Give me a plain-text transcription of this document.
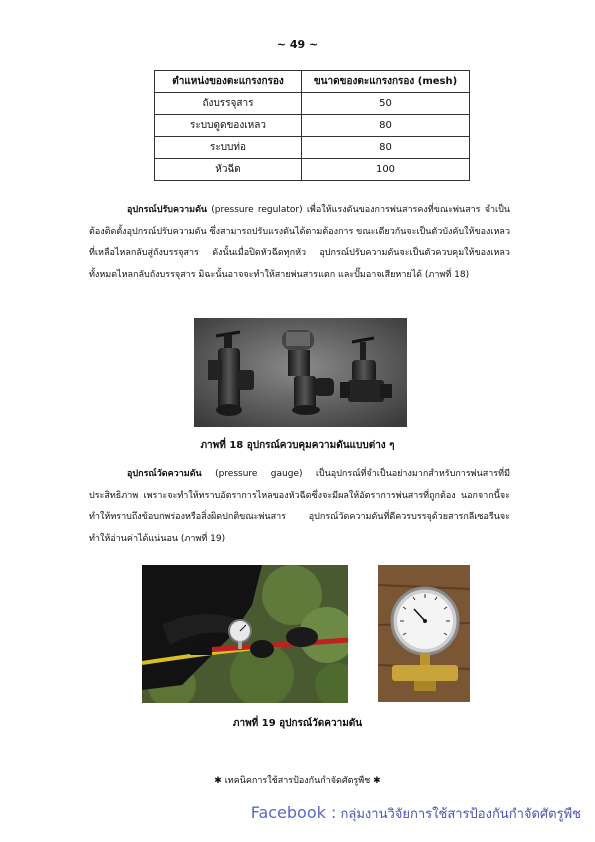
~ 49 ~
ตำแหน่งของตะแกรงกรอง	ขนาดของตะแกรงกรอง (mesh)
ถังบรรจุสาร	50
ระบบดูดของเหลว	80
ระบบท่อ	80
หัวฉีด	100
อุปกรณ์ปรับความดัน (pressure regulator) เพื่อให้แรงดันของการพ่นสารคงที่ขณะพ่นสาร จำเป็นต้องติดตั้งอุปกรณ์ปรับความดัน ซึ่งสามารถปรับแรงดันได้ตามต้องการ ขณะเดียวกันจะเป็นตัวบังคับให้ของเหลวที่เหลือไหลกลับสู่ถังบรรจุสาร ดังนั้นเมื่อปิดหัวฉีดทุกหัว อุปกรณ์ปรับความดันจะเป็นตัวควบคุมให้ของเหลวทั้งหมดไหลกลับถังบรรจุสาร มิฉะนั้นอาจจะทำให้สายพ่นสารแตก และปั๊มอาจเสียหายได้ (ภาพที่ 18)
ภาพที่ 18 อุปกรณ์ควบคุมความดันแบบต่าง ๆ
อุปกรณ์วัดความดัน (pressure gauge) เป็นอุปกรณ์ที่จำเป็นอย่างมากสำหรับการพ่นสารที่มีประสิทธิภาพ เพราะจะทำให้ทราบอัตราการไหลของหัวฉีดซึ่งจะมีผลให้อัตราการพ่นสารที่ถูกต้อง นอกจากนี้จะทำให้ทราบถึงข้อบกพร่องหรือสิ่งผิดปกติขณะพ่นสาร อุปกรณ์วัดความดันที่ดีควรบรรจุด้วยสารกลีเซอรีนจะทำให้อ่านค่าได้แน่นอน (ภาพที่ 19)
ภาพที่ 19 อุปกรณ์วัดความดัน
✱ เทคนิคการใช้สารป้องกันกำจัดศัตรูพืช ✱
Facebook : กลุ่มงานวิจัยการใช้สารป้องกันกำจัดศัตรูพืช
